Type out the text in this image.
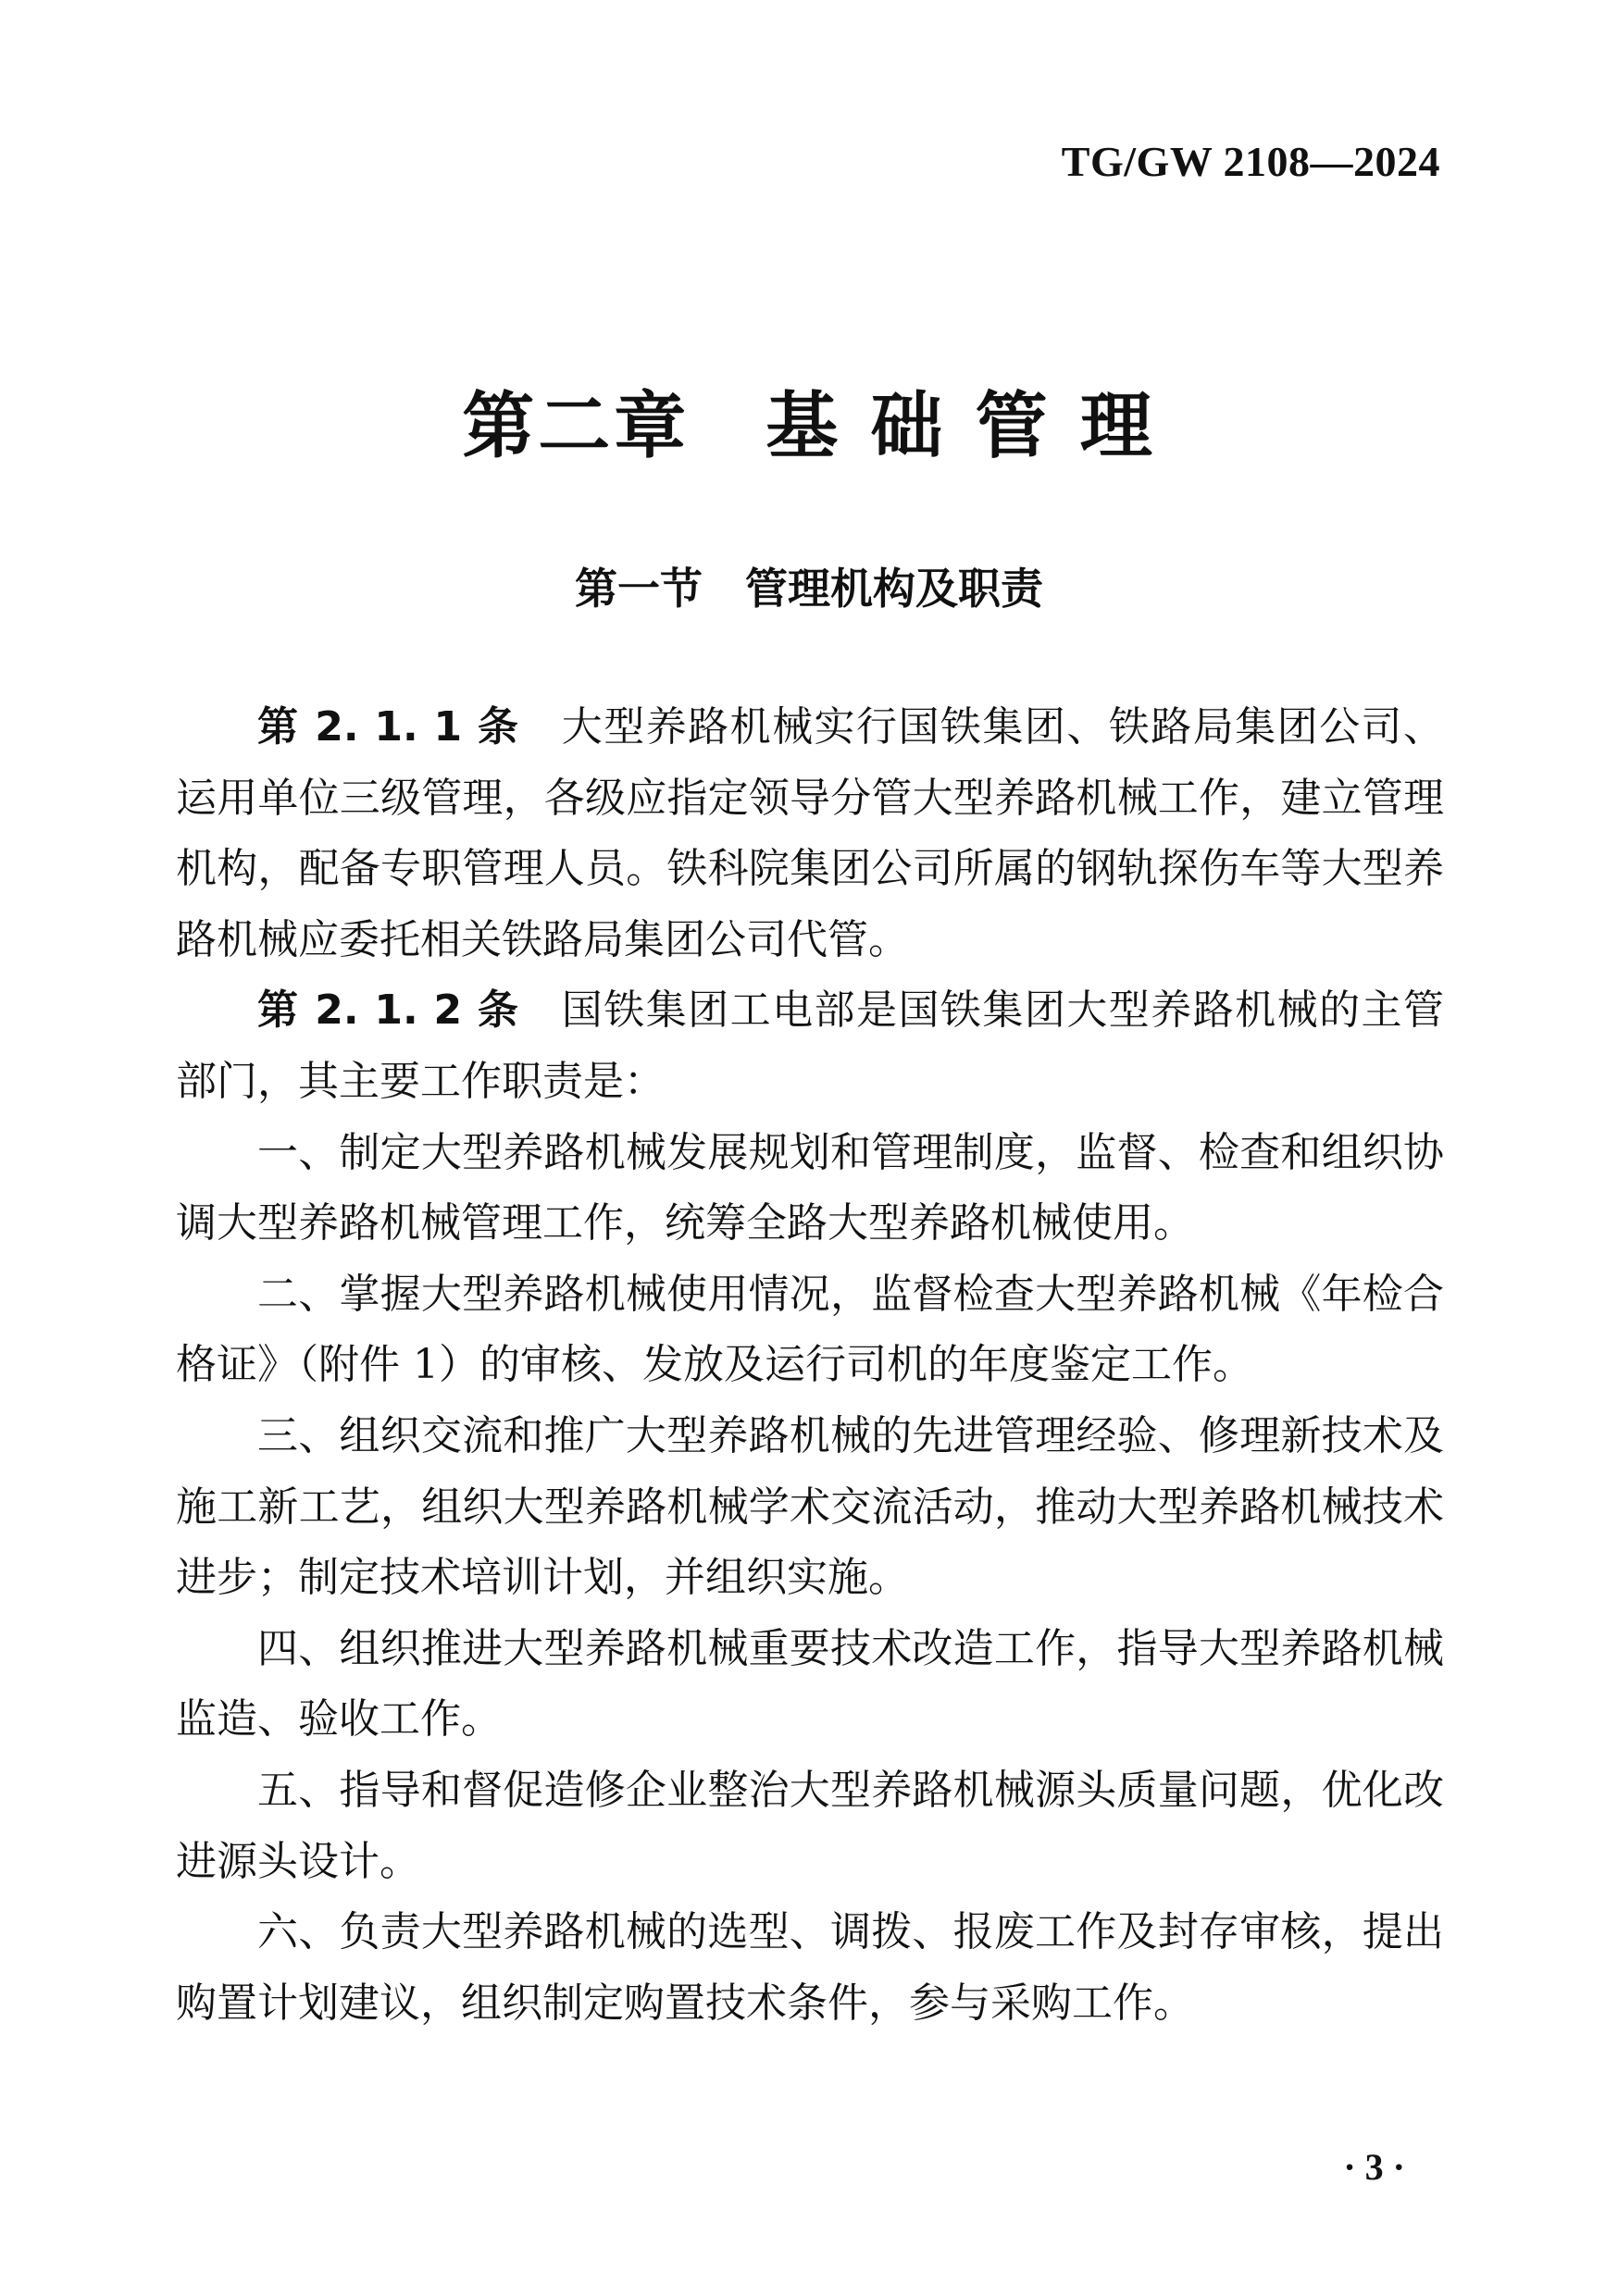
TG/GW 2108—2024
第二章　基 础 管 理
第一节　管理机构及职责

第 2. 1. 1 条　大型养路机械实行国铁集团、铁路局集团公司、运用单位三级管理，各级应指定领导分管大型养路机械工作，建立管理机构，配备专职管理人员。铁科院集团公司所属的钢轨探伤车等大型养路机械应委托相关铁路局集团公司代管。

第 2. 1. 2 条　国铁集团工电部是国铁集团大型养路机械的主管部门，其主要工作职责是：

一、制定大型养路机械发展规划和管理制度，监督、检查和组织协调大型养路机械管理工作，统筹全路大型养路机械使用。

二、掌握大型养路机械使用情况，监督检查大型养路机械《年检合格证》（附件 1）的审核、发放及运行司机的年度鉴定工作。

三、组织交流和推广大型养路机械的先进管理经验、修理新技术及施工新工艺，组织大型养路机械学术交流活动，推动大型养路机械技术进步；制定技术培训计划，并组织实施。

四、组织推进大型养路机械重要技术改造工作，指导大型养路机械监造、验收工作。

五、指导和督促造修企业整治大型养路机械源头质量问题，优化改进源头设计。

六、负责大型养路机械的选型、调拨、报废工作及封存审核，提出购置计划建议，组织制定购置技术条件，参与采购工作。

· 3 ·
